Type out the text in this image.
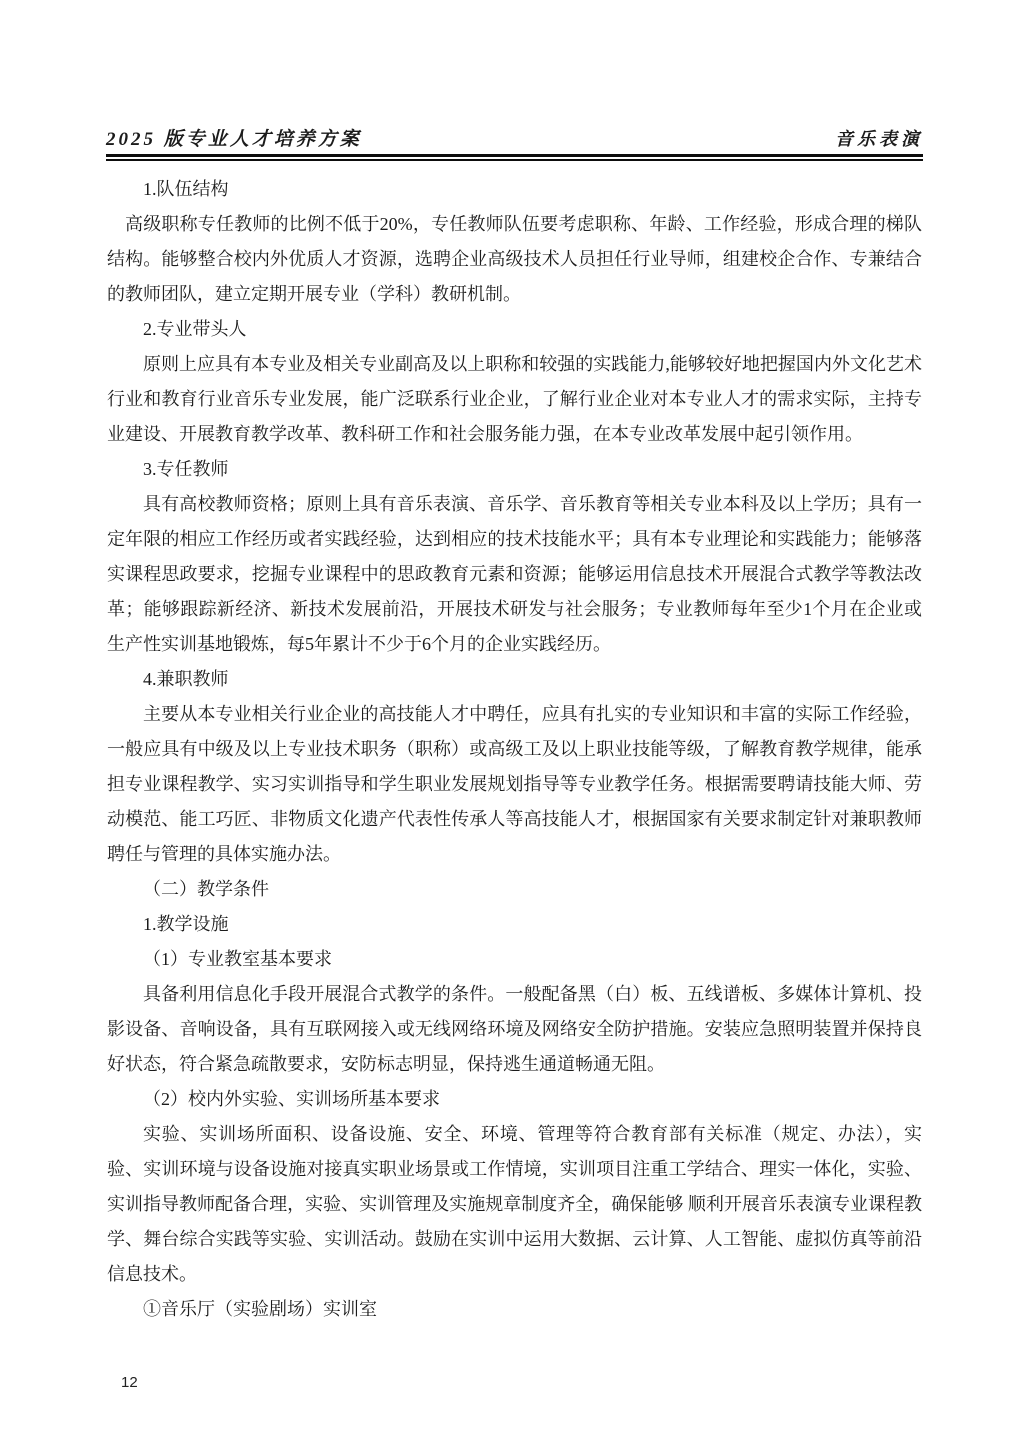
2025 版专业人才培养方案	音乐表演

1.队伍结构

高级职称专任教师的比例不低于20%，专任教师队伍要考虑职称、年龄、工作经验，形成合理的梯队结构。能够整合校内外优质人才资源，选聘企业高级技术人员担任行业导师，组建校企合作、专兼结合的教师团队，建立定期开展专业（学科）教研机制。

2.专业带头人

原则上应具有本专业及相关专业副高及以上职称和较强的实践能力,能够较好地把握国内外文化艺术行业和教育行业音乐专业发展，能广泛联系行业企业，了解行业企业对本专业人才的需求实际，主持专业建设、开展教育教学改革、教科研工作和社会服务能力强，在本专业改革发展中起引领作用。

3.专任教师

具有高校教师资格；原则上具有音乐表演、音乐学、音乐教育等相关专业本科及以上学历；具有一定年限的相应工作经历或者实践经验，达到相应的技术技能水平；具有本专业理论和实践能力；能够落实课程思政要求，挖掘专业课程中的思政教育元素和资源；能够运用信息技术开展混合式教学等教法改革；能够跟踪新经济、新技术发展前沿，开展技术研发与社会服务；专业教师每年至少1个月在企业或生产性实训基地锻炼，每5年累计不少于6个月的企业实践经历。

4.兼职教师

主要从本专业相关行业企业的高技能人才中聘任，应具有扎实的专业知识和丰富的实际工作经验，一般应具有中级及以上专业技术职务（职称）或高级工及以上职业技能等级，了解教育教学规律，能承担专业课程教学、实习实训指导和学生职业发展规划指导等专业教学任务。根据需要聘请技能大师、劳动模范、能工巧匠、非物质文化遗产代表性传承人等高技能人才，根据国家有关要求制定针对兼职教师聘任与管理的具体实施办法。

（二）教学条件

1.教学设施

（1）专业教室基本要求

具备利用信息化手段开展混合式教学的条件。一般配备黑（白）板、五线谱板、多媒体计算机、投影设备、音响设备，具有互联网接入或无线网络环境及网络安全防护措施。安装应急照明装置并保持良好状态，符合紧急疏散要求，安防标志明显，保持逃生通道畅通无阻。

（2）校内外实验、实训场所基本要求

实验、实训场所面积、设备设施、安全、环境、管理等符合教育部有关标准（规定、办法），实验、实训环境与设备设施对接真实职业场景或工作情境，实训项目注重工学结合、理实一体化，实验、实训指导教师配备合理，实验、实训管理及实施规章制度齐全，确保能够 顺利开展音乐表演专业课程教学、舞台综合实践等实验、实训活动。鼓励在实训中运用大数据、云计算、人工智能、虚拟仿真等前沿信息技术。

①音乐厅（实验剧场）实训室

12
